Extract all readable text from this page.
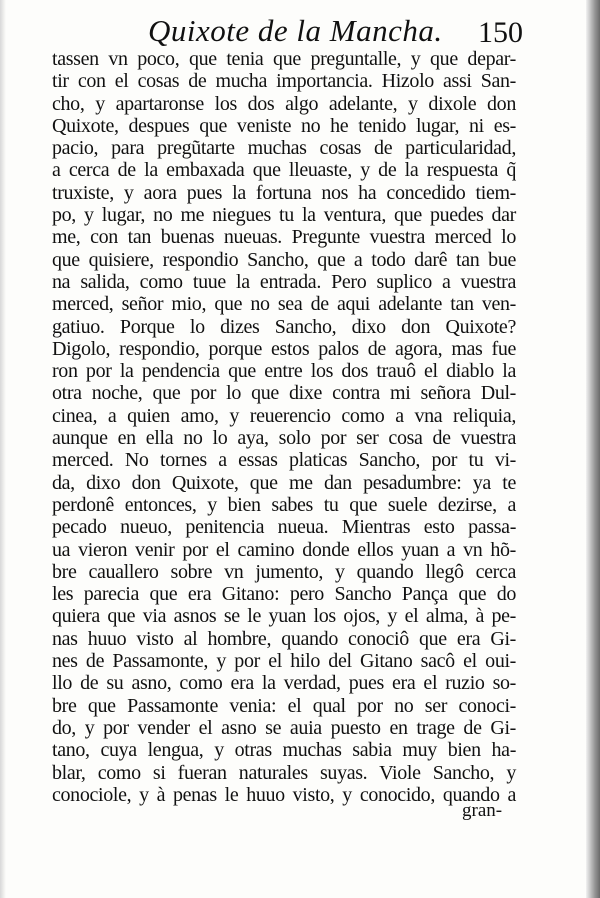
Quixote de la Mancha. 150
tassen vn poco, que tenia que preguntalle, y que depar-
tir con el cosas de mucha importancia. Hizolo assi San-
cho, y apartaronse los dos algo adelante, y dixole don
Quixote, despues que veniste no he tenido lugar, ni es-
pacio, para pregũtarte muchas cosas de particularidad,
a cerca de la embaxada que lleuaste, y de la respuesta q̃
truxiste, y aora pues la fortuna nos ha concedido tiem-
po, y lugar, no me niegues tu la ventura, que puedes dar
me, con tan buenas nueuas. Pregunte vuestra merced lo
que quisiere, respondio Sancho, que a todo darê tan bue
na salida, como tuue la entrada. Pero suplico a vuestra
merced, señor mio, que no sea de aqui adelante tan ven-
gatiuo. Porque lo dizes Sancho, dixo don Quixote?
Digolo, respondio, porque estos palos de agora, mas fue
ron por la pendencia que entre los dos trauô el diablo la
otra noche, que por lo que dixe contra mi señora Dul-
cinea, a quien amo, y reuerencio como a vna reliquia,
aunque en ella no lo aya, solo por ser cosa de vuestra
merced. No tornes a essas platicas Sancho, por tu vi-
da, dixo don Quixote, que me dan pesadumbre: ya te
perdonê entonces, y bien sabes tu que suele dezirse, a
pecado nueuo, penitencia nueua. Mientras esto passa-
ua vieron venir por el camino donde ellos yuan a vn hõ-
bre cauallero sobre vn jumento, y quando llegô cerca
les parecia que era Gitano: pero Sancho Pança que do
quiera que via asnos se le yuan los ojos, y el alma, à pe-
nas huuo visto al hombre, quando conociô que era Gi-
nes de Passamonte, y por el hilo del Gitano sacô el oui-
llo de su asno, como era la verdad, pues era el ruzio so-
bre que Passamonte venia: el qual por no ser conoci-
do, y por vender el asno se auia puesto en trage de Gi-
tano, cuya lengua, y otras muchas sabia muy bien ha-
blar, como si fueran naturales suyas. Viole Sancho, y
conociole, y à penas le huuo visto, y conocido, quando a
gran-
